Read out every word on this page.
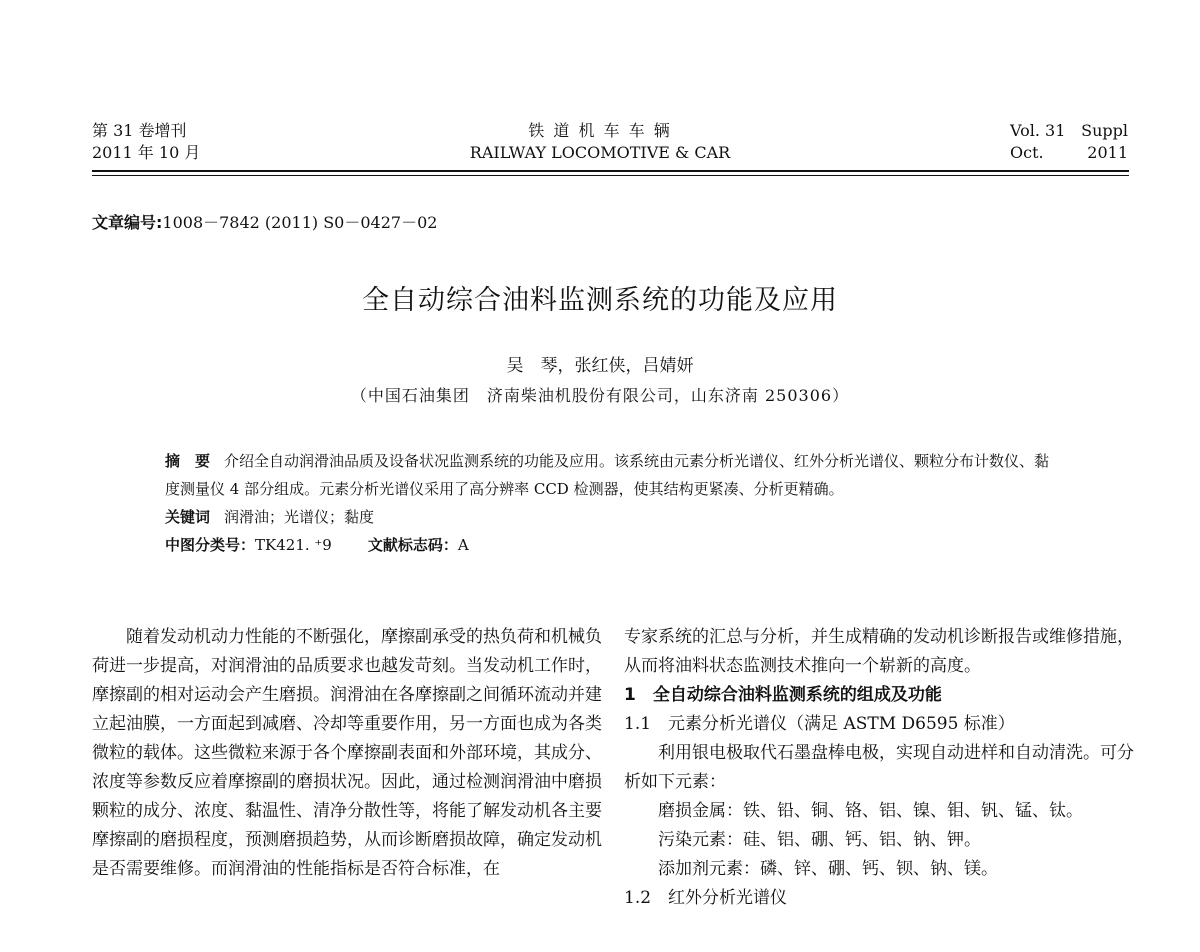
第 31 卷增刊
2011 年 10 月
铁 道 机 车 车 辆
RAILWAY LOCOMOTIVE & CAR
Vol. 31 Suppl
Oct.	2011
文章编号:1008－7842 (2011) S0－0427－02
全自动综合油料监测系统的功能及应用
吴　琴，张红侠，吕婧妍
（中国石油集团　济南柴油机股份有限公司，山东济南 250306）

摘　要 介绍全自动润滑油品质及设备状况监测系统的功能及应用。该系统由元素分析光谱仪、红外分析光谱仪、颗粒分布计数仪、黏度测量仪 4 部分组成。元素分析光谱仪采用了高分辨率 CCD 检测器，使其结构更紧凑、分析更精确。

关键词 润滑油；光谱仪；黏度

中图分类号：TK421. ⁺9 文献标志码：A

随着发动机动力性能的不断强化，摩擦副承受的热负荷和机械负荷进一步提高，对润滑油的品质要求也越发苛刻。当发动机工作时，摩擦副的相对运动会产生磨损。润滑油在各摩擦副之间循环流动并建立起油膜，一方面起到减磨、冷却等重要作用，另一方面也成为各类微粒的载体。这些微粒来源于各个摩擦副表面和外部环境，其成分、浓度等参数反应着摩擦副的磨损状况。因此，通过检测润滑油中磨损颗粒的成分、浓度、黏温性、清净分散性等，将能了解发动机各主要摩擦副的磨损程度，预测磨损趋势，从而诊断磨损故障，确定发动机是否需要维修。而润滑油的性能指标是否符合标准，在

专家系统的汇总与分析，并生成精确的发动机诊断报告或维修措施，从而将油料状态监测技术推向一个崭新的高度。

1　全自动综合油料监测系统的组成及功能

1.1　元素分析光谱仪（满足 ASTM D6595 标准）

利用银电极取代石墨盘棒电极，实现自动进样和自动清洗。可分析如下元素：

磨损金属：铁、铅、铜、铬、铝、镍、钼、钒、锰、钛。

污染元素：硅、铝、硼、钙、铝、钠、钾。

添加剂元素：磷、锌、硼、钙、钡、钠、镁。

1.2　红外分析光谱仪
